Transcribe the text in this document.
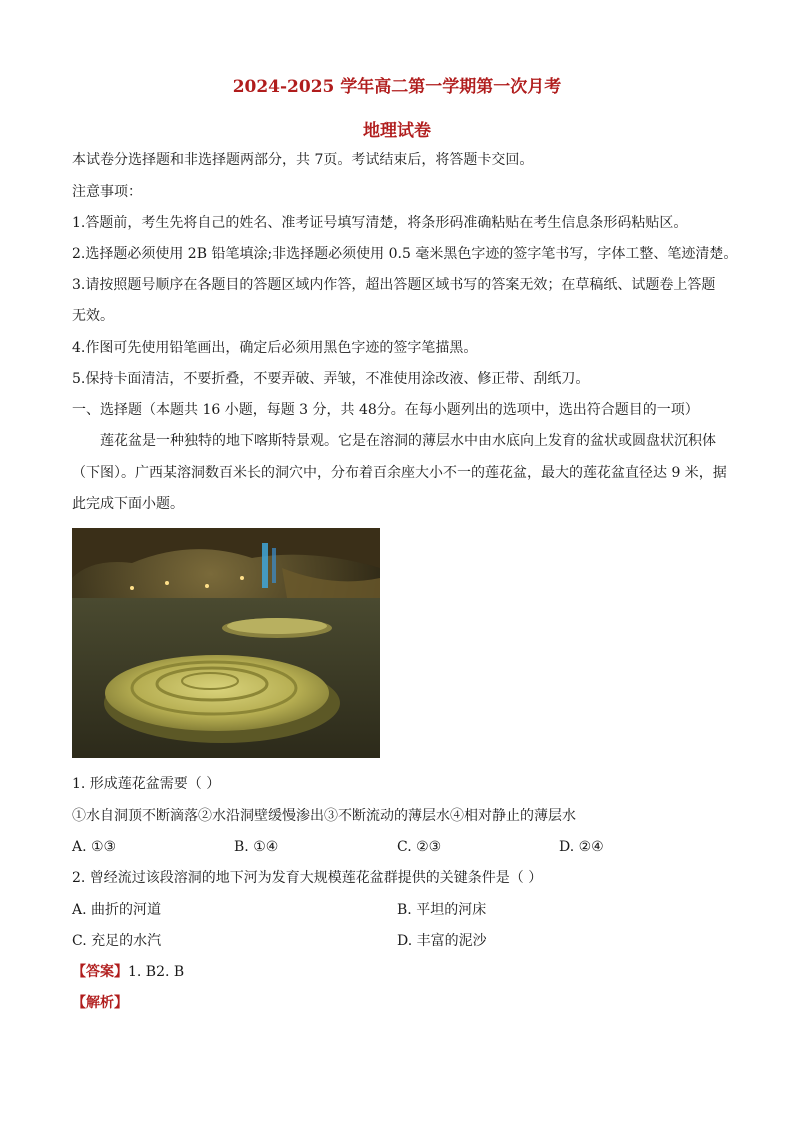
2024-2025 学年高二第一学期第一次月考
地理试卷
本试卷分选择题和非选择题两部分，共 7页。考试结束后，将答题卡交回。
注意事项：
1.答题前，考生先将自己的姓名、准考证号填写清楚，将条形码准确粘贴在考生信息条形码粘贴区。
2.选择题必须使用 2B 铅笔填涂;非选择题必须使用 0.5 毫米黑色字迹的签字笔书写，字体工整、笔迹清楚。
3.请按照题号顺序在各题目的答题区域内作答，超出答题区域书写的答案无效；在草稿纸、试题卷上答题
无效。
4.作图可先使用铅笔画出，确定后必须用黑色字迹的签字笔描黑。
5.保持卡面清洁，不要折叠，不要弄破、弄皱，不准使用涂改液、修正带、刮纸刀。
一、选择题（本题共 16 小题，每题 3 分，共 48分。在每小题列出的选项中，选出符合题目的一项）
莲花盆是一种独特的地下喀斯特景观。它是在溶洞的薄层水中由水底向上发育的盆状或圆盘状沉积体
（下图）。广西某溶洞数百米长的洞穴中，分布着百余座大小不一的莲花盆，最大的莲花盆直径达 9 米，据
此完成下面小题。
1. 形成莲花盆需要（ ）
①水自洞顶不断滴落②水沿洞壁缓慢渗出③不断流动的薄层水④相对静止的薄层水
A. ①③	B. ①④	C. ②③	D. ②④
2. 曾经流过该段溶洞的地下河为发育大规模莲花盆群提供的关键条件是（ ）
A. 曲折的河道	B. 平坦的河床
C. 充足的水汽	D. 丰富的泥沙
【答案】1. B2. B
【解析】
